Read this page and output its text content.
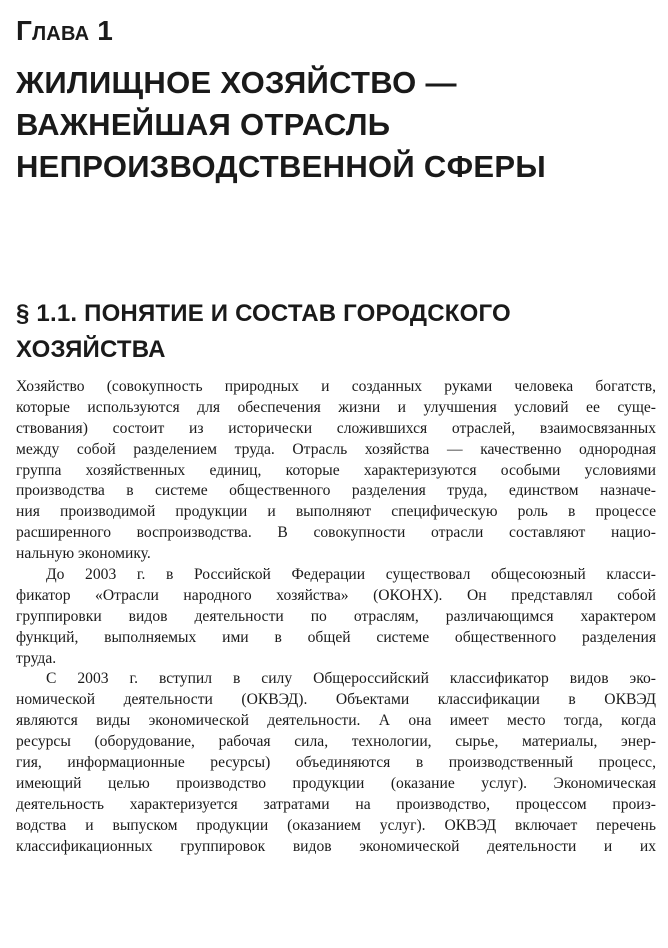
Глава 1
ЖИЛИЩНОЕ ХОЗЯЙСТВО —
ВАЖНЕЙШАЯ ОТРАСЛЬ
НЕПРОИЗВОДСТВЕННОЙ СФЕРЫ
§ 1.1. ПОНЯТИЕ И СОСТАВ ГОРОДСКОГО
ХОЗЯЙСТВА
Хозяйство (совокупность природных и созданных руками человека богатств,
которые используются для обеспечения жизни и улучшения условий ее суще-
ствования) состоит из исторически сложившихся отраслей, взаимосвязанных
между собой разделением труда. Отрасль хозяйства — качественно однородная
группа хозяйственных единиц, которые характеризуются особыми условиями
производства в системе общественного разделения труда, единством назначе-
ния производимой продукции и выполняют специфическую роль в процессе
расширенного воспроизводства. В совокупности отрасли составляют нацио-
нальную экономику.
До 2003 г. в Российской Федерации существовал общесоюзный класси-
фикатор «Отрасли народного хозяйства» (ОКОНХ). Он представлял собой
группировки видов деятельности по отраслям, различающимся характером
функций, выполняемых ими в общей системе общественного разделения
труда.
С 2003 г. вступил в силу Общероссийский классификатор видов эко-
номической деятельности (ОКВЭД). Объектами классификации в ОКВЭД
являются виды экономической деятельности. А она имеет место тогда, когда
ресурсы (оборудование, рабочая сила, технологии, сырье, материалы, энер-
гия, информационные ресурсы) объединяются в производственный процесс,
имеющий целью производство продукции (оказание услуг). Экономическая
деятельность характеризуется затратами на производство, процессом произ-
водства и выпуском продукции (оказанием услуг). ОКВЭД включает перечень
классификационных группировок видов экономической деятельности и их
